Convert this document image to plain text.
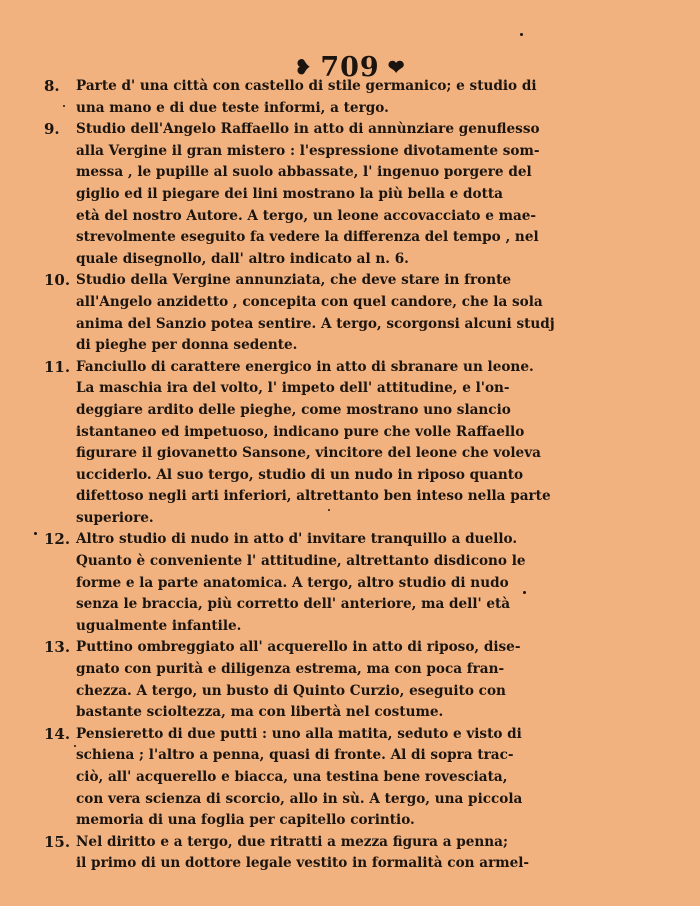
❥ 709 ❤
8. Parte d' una città con castello di stile germanico; e studio di
una mano e di due teste informi, a tergo.
9. Studio dell'Angelo Raffaello in atto di annùnziare genuflesso
alla Vergine il gran mistero : l'espressione divotamente som-
messa , le pupille al suolo abbassate, l' ingenuo porgere del
giglio ed il piegare dei lini mostrano la più bella e dotta
età del nostro Autore. A tergo, un leone accovacciato e mae-
strevolmente eseguito fa vedere la differenza del tempo , nel
quale disegnollo, dall' altro indicato al n. 6.
10. Studio della Vergine annunziata, che deve stare in fronte
all'Angelo anzidetto , concepita con quel candore, che la sola
anima del Sanzio potea sentire. A tergo, scorgonsi alcuni studj
di pieghe per donna sedente.
11. Fanciullo di carattere energico in atto di sbranare un leone.
La maschia ira del volto, l' impeto dell' attitudine, e l'on-
deggiare ardito delle pieghe, come mostrano uno slancio
istantaneo ed impetuoso, indicano pure che volle Raffaello
figurare il giovanetto Sansone, vincitore del leone che voleva
ucciderlo. Al suo tergo, studio di un nudo in riposo quanto
difettoso negli arti inferiori, altrettanto ben inteso nella parte
superiore.
12. Altro studio di nudo in atto d' invitare tranquillo a duello.
Quanto è conveniente l' attitudine, altrettanto disdicono le
forme e la parte anatomica. A tergo, altro studio di nudo
senza le braccia, più corretto dell' anteriore, ma dell' età
ugualmente infantile.
13. Puttino ombreggiato all' acquerello in atto di riposo, dise-
gnato con purità e diligenza estrema, ma con poca fran-
chezza. A tergo, un busto di Quinto Curzio, eseguito con
bastante scioltezza, ma con libertà nel costume.
14. Pensieretto di due putti : uno alla matita, seduto e visto di
schiena ; l'altro a penna, quasi di fronte. Al di sopra trac-
ciò, all' acquerello e biacca, una testina bene rovesciata,
con vera scienza di scorcio, allo in sù. A tergo, una piccola
memoria di una foglia per capitello corintio.
15. Nel diritto e a tergo, due ritratti a mezza figura a penna;
il primo di un dottore legale vestito in formalità con armel-
